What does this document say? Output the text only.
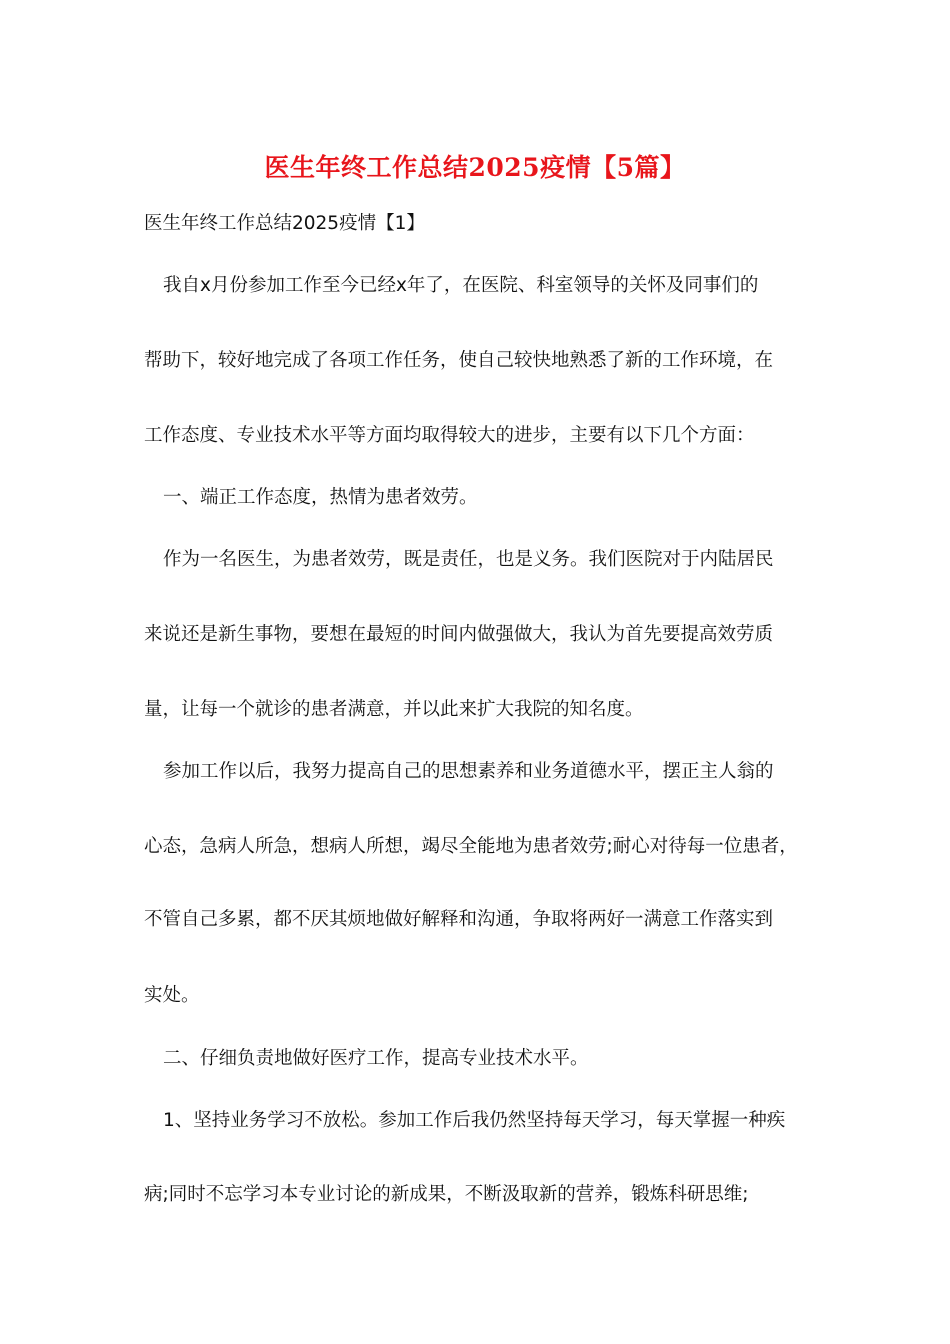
医生年终工作总结2025疫情【5篇】
医生年终工作总结2025疫情【1】
我自x月份参加工作至今已经x年了，在医院、科室领导的关怀及同事们的
帮助下，较好地完成了各项工作任务，使自己较快地熟悉了新的工作环境，在
工作态度、专业技术水平等方面均取得较大的进步，主要有以下几个方面：
一、端正工作态度，热情为患者效劳。
作为一名医生，为患者效劳，既是责任，也是义务。我们医院对于内陆居民
来说还是新生事物，要想在最短的时间内做强做大，我认为首先要提高效劳质
量，让每一个就诊的患者满意，并以此来扩大我院的知名度。
参加工作以后，我努力提高自己的思想素养和业务道德水平，摆正主人翁的
心态，急病人所急，想病人所想，竭尽全能地为患者效劳;耐心对待每一位患者，
不管自己多累，都不厌其烦地做好解释和沟通，争取将两好一满意工作落实到
实处。
二、仔细负责地做好医疗工作，提高专业技术水平。
1、坚持业务学习不放松。参加工作后我仍然坚持每天学习，每天掌握一种疾
病;同时不忘学习本专业讨论的新成果，不断汲取新的营养，锻炼科研思维;
